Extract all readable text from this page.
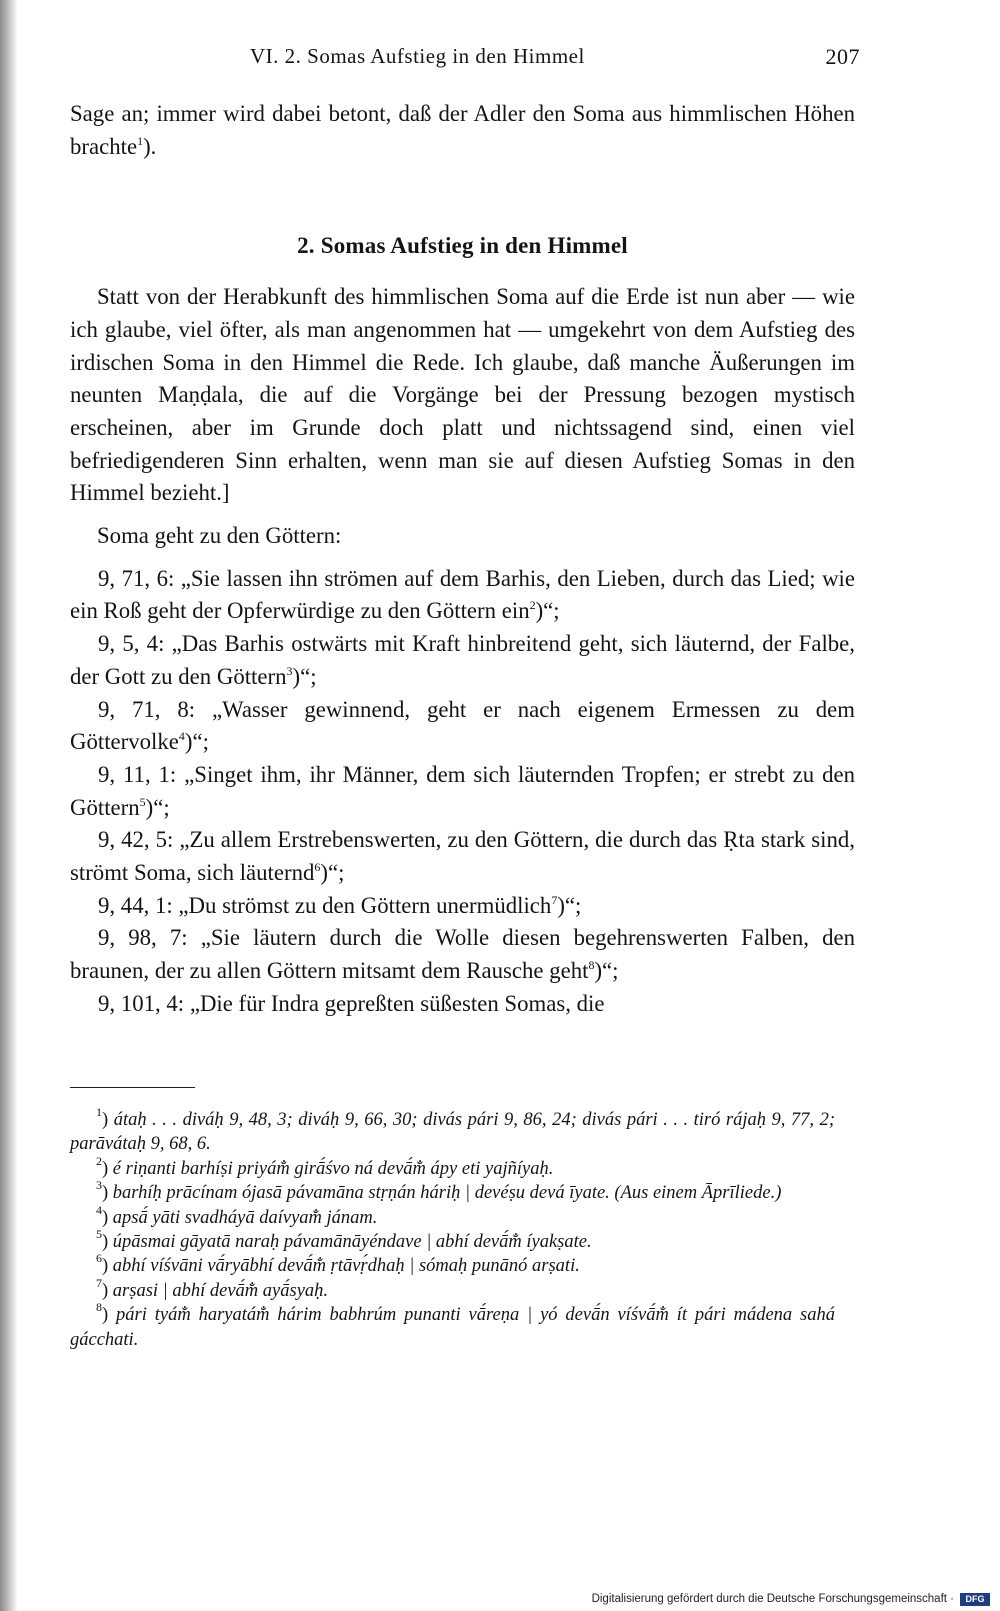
VI. 2. Somas Aufstieg in den Himmel	207

Sage an; immer wird dabei betont, daß der Adler den Soma aus himmlischen Höhen brachte$^1$).

2. Somas Aufstieg in den Himmel

Statt von der Herabkunft des himmlischen Soma auf die Erde ist nun aber — wie ich glaube, viel öfter, als man angenommen hat — umgekehrt von dem Aufstieg des irdischen Soma in den Himmel die Rede. Ich glaube, daß manche Äußerungen im neunten Maṇḍala, die auf die Vorgänge bei der Pressung bezogen mystisch erscheinen, aber im Grunde doch platt und nichtssagend sind, einen viel befriedigenderen Sinn erhalten, wenn man sie auf diesen Aufstieg Somas in den Himmel bezieht.]

Soma geht zu den Göttern:

9, 71, 6: „Sie lassen ihn strömen auf dem Barhis, den Lieben, durch das Lied; wie ein Roß geht der Opferwürdige zu den Göttern ein$^2$)“;

9, 5, 4: „Das Barhis ostwärts mit Kraft hinbreitend geht, sich läuternd, der Falbe, der Gott zu den Göttern$^3$)“;

9, 71, 8: „Wasser gewinnend, geht er nach eigenem Ermessen zu dem Göttervolke$^4$)“;

9, 11, 1: „Singet ihm, ihr Männer, dem sich läuternden Tropfen; er strebt zu den Göttern$^5$)“;

9, 42, 5: „Zu allem Erstrebenswerten, zu den Göttern, die durch das Ṛta stark sind, strömt Soma, sich läuternd$^6$)“;

9, 44, 1: „Du strömst zu den Göttern unermüdlich$^7$)“;

9, 98, 7: „Sie läutern durch die Wolle diesen begehrenswerten Falben, den braunen, der zu allen Göttern mitsamt dem Rausche geht$^8$)“;

9, 101, 4: „Die für Indra gepreßten süßesten Somas, die

$^1$) átaḥ . . . diváḥ 9, 48, 3; diváḥ 9, 66, 30; divás pári 9, 86, 24; divás pári . . . tiró rájaḥ 9, 77, 2; parāvátaḥ 9, 68, 6.

$^2$) é riṇanti barhíṣi priyám̐ girā́śvo ná devā́m̐ ápy eti yajñíyaḥ.

$^3$) barhíḥ prācínam ójasā pávamāna stṛṇán háriḥ | devéṣu devá īyate. (Aus einem Āprīliede.)

$^4$) apsā́ yāti svadháyā daívyam̐ jánam.

$^5$) úpāsmai gāyatā naraḥ pávamānāyéndave | abhí devā́m̐ íyakṣate.

$^6$) abhí víśvāni vā́ryābhí devā́m̐ ṛtāvṛ́dhaḥ | sómaḥ punānó arṣati.

$^7$) arṣasi | abhí devā́m̐ ayā́syaḥ.

$^8$) pári tyám̐ haryatám̐ hárim babhrúm punanti vā́reṇa | yó devā́n víśvā́m̐ ít pári mádena sahá gácchati.

Digitalisierung gefördert durch die Deutsche Forschungsgemeinschaft ·	DFG
